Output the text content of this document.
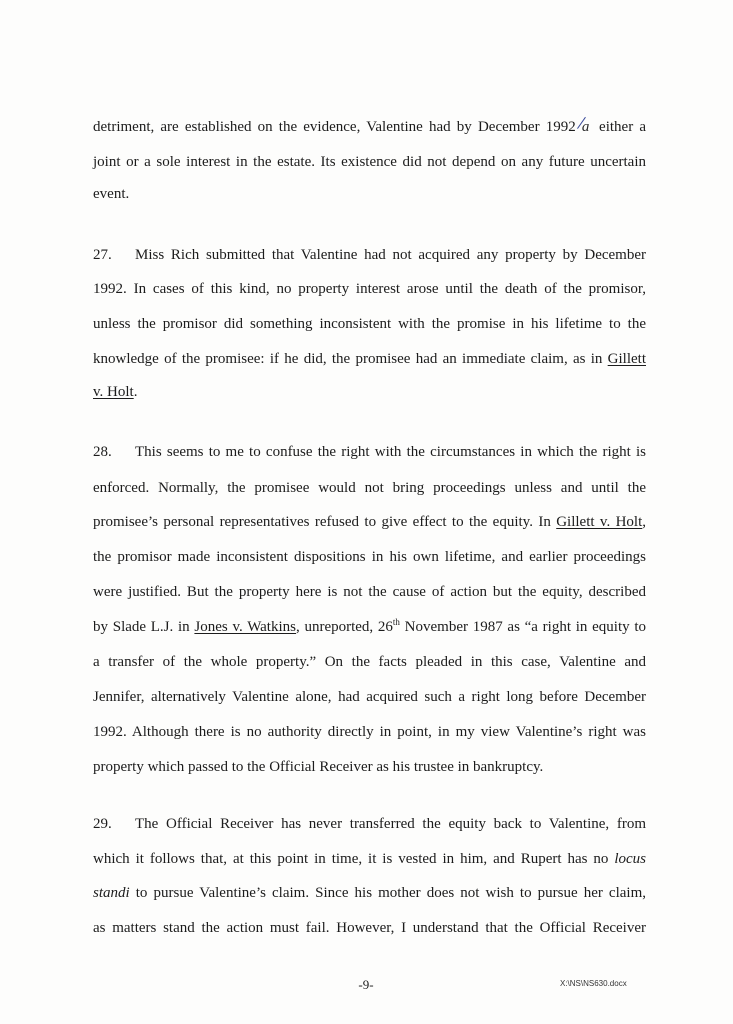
detriment, are established on the evidence, Valentine had by December 1992 a either a
joint or a sole interest in the estate. Its existence did not depend on any future uncertain
event.
27. Miss Rich submitted that Valentine had not acquired any property by December
1992. In cases of this kind, no property interest arose until the death of the promisor,
unless the promisor did something inconsistent with the promise in his lifetime to the
knowledge of the promisee: if he did, the promisee had an immediate claim, as in Gillett
v. Holt.
28. This seems to me to confuse the right with the circumstances in which the right is
enforced. Normally, the promisee would not bring proceedings unless and until the
promisee’s personal representatives refused to give effect to the equity. In Gillett v. Holt,
the promisor made inconsistent dispositions in his own lifetime, and earlier proceedings
were justified. But the property here is not the cause of action but the equity, described
by Slade L.J. in Jones v. Watkins, unreported, 26th November 1987 as “a right in equity to
a transfer of the whole property.” On the facts pleaded in this case, Valentine and
Jennifer, alternatively Valentine alone, had acquired such a right long before December
1992. Although there is no authority directly in point, in my view Valentine’s right was
property which passed to the Official Receiver as his trustee in bankruptcy.
29. The Official Receiver has never transferred the equity back to Valentine, from
which it follows that, at this point in time, it is vested in him, and Rupert has no locus
standi to pursue Valentine’s claim. Since his mother does not wish to pursue her claim,
as matters stand the action must fail. However, I understand that the Official Receiver
-9-	X:\NS\NS630.docx
